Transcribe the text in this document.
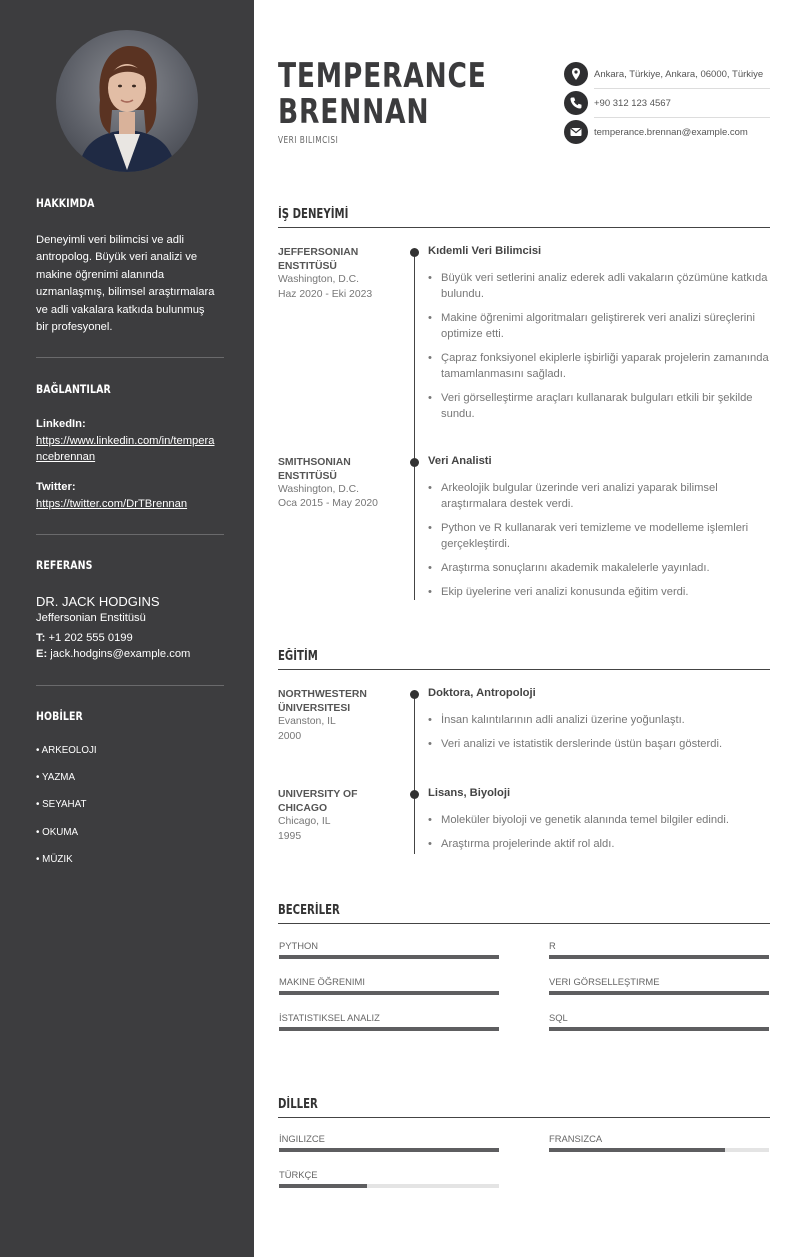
HAKKIMDA

Deneyimli veri bilimcisi ve adli antropolog. Büyük veri analizi ve makine öğrenimi alanında uzmanlaşmış, bilimsel araştırmalara ve adli vakalara katkıda bulunmuş bir profesyonel.

BAĞLANTILAR
LinkedIn:
https://www.linkedin.com/in/temperancebrennan
Twitter:
https://twitter.com/DrTBrennan
REFERANS
DR. JACK HODGINS
Jeffersonian Enstitüsü
T: +1 202 555 0199
E: jack.hodgins@example.com
HOBİLER
• ARKEOLOJI
• YAZMA
• SEYAHAT
• OKUMA
• MÜZIK
TEMPERANCE
BRENNAN
VERI BILIMCISI
Ankara, Türkiye, Ankara, 06000, Türkiye
+90 312 123 4567
temperance.brennan@example.com
İŞ DENEYİMİ
JEFFERSONIAN ENSTITÜSÜ
Washington, D.C.
Haz 2020 - Eki 2023
Kıdemli Veri Bilimcisi
• Büyük veri setlerini analiz ederek adli vakaların çözümüne katkıda bulundu.
• Makine öğrenimi algoritmaları geliştirerek veri analizi süreçlerini optimize etti.
• Çapraz fonksiyonel ekiplerle işbirliği yaparak projelerin zamanında tamamlanmasını sağladı.
• Veri görselleştirme araçları kullanarak bulguları etkili bir şekilde sundu.
SMITHSONIAN ENSTITÜSÜ
Washington, D.C.
Oca 2015 - May 2020
Veri Analisti
• Arkeolojik bulgular üzerinde veri analizi yaparak bilimsel araştırmalara destek verdi.
• Python ve R kullanarak veri temizleme ve modelleme işlemleri gerçekleştirdi.
• Araştırma sonuçlarını akademik makalelerle yayınladı.
• Ekip üyelerine veri analizi konusunda eğitim verdi.
EĞİTİM
NORTHWESTERN ÜNIVERSITESI
Evanston, IL
2000
Doktora, Antropoloji
• İnsan kalıntılarının adli analizi üzerine yoğunlaştı.
• Veri analizi ve istatistik derslerinde üstün başarı gösterdi.
UNIVERSITY OF CHICAGO
Chicago, IL
1995
Lisans, Biyoloji
• Moleküler biyoloji ve genetik alanında temel bilgiler edindi.
• Araştırma projelerinde aktif rol aldı.
BECERİLER
PYTHON	R
MAKINE ÖĞRENIMI	VERI GÖRSELLEŞTIRME
İSTATISTIKSEL ANALIZ	SQL
DİLLER
İNGILIZCE	FRANSIZCA
TÜRKÇE
